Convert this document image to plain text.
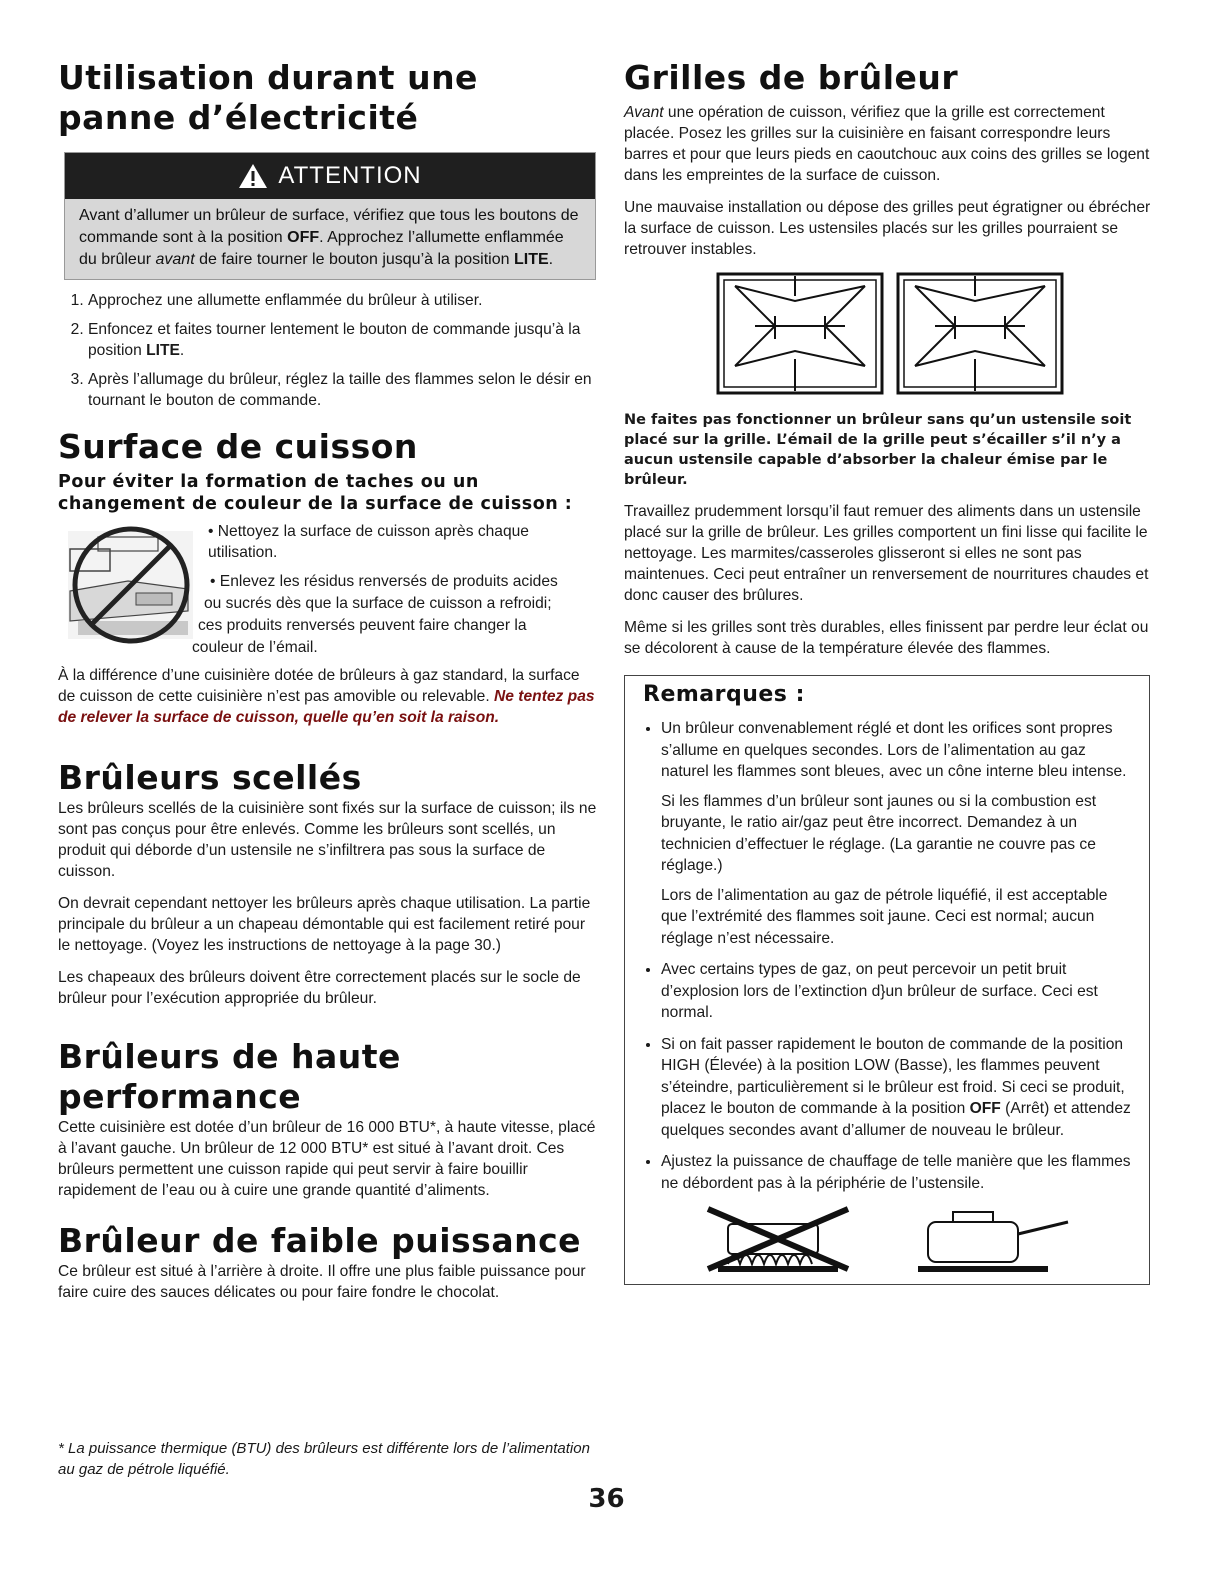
Utilisation durant une
panne d’électricité
ATTENTION
Avant d’allumer un brûleur de surface, vérifiez que tous les boutons de commande sont à la position OFF. Approchez l’allumette enflammée du brûleur avant de faire tourner le bouton jusqu’à la position LITE.
1. Approchez une allumette enflammée du brûleur à utiliser.
2. Enfoncez et faites tourner lentement le bouton de commande jusqu’à la position LITE.
3. Après l’allumage du brûleur, réglez la taille des flammes selon le désir en tournant le bouton de commande.
Surface de cuisson
Pour éviter la formation de taches ou un changement de couleur de la surface de cuisson :
• Nettoyez la surface de cuisson après chaque utilisation.
• Enlevez les résidus renversés de produits acides
ou sucrés dès que la surface de cuisson a refroidi;
ces produits renversés peuvent faire changer la
couleur de l’émail.

À la différence d’une cuisinière dotée de brûleurs à gaz standard, la surface de cuisson de cette cuisinière n’est pas amovible ou relevable. Ne tentez pas de relever la surface de cuisson, quelle qu’en soit la raison.

Brûleurs scellés

Les brûleurs scellés de la cuisinière sont fixés sur la surface de cuisson; ils ne sont pas conçus pour être enlevés. Comme les brûleurs sont scellés, un produit qui déborde d’un ustensile ne s’infiltrera pas sous la surface de cuisson.

On devrait cependant nettoyer les brûleurs après chaque utilisation. La partie principale du brûleur a un chapeau démontable qui est facilement retiré pour le nettoyage. (Voyez les instructions de nettoyage à la page 30.)

Les chapeaux des brûleurs doivent être correctement placés sur le socle de brûleur pour l’exécution appropriée du brûleur.

Brûleurs de haute performance

Cette cuisinière est dotée d’un brûleur de 16 000 BTU*, à haute vitesse, placé à l’avant gauche. Un brûleur de 12 000 BTU* est situé à l’avant droit. Ces brûleurs permettent une cuisson rapide qui peut servir à faire bouillir rapidement de l’eau ou à cuire une grande quantité d’aliments.

Brûleur de faible puissance

Ce brûleur est situé à l’arrière à droite. Il offre une plus faible puissance pour faire cuire des sauces délicates ou pour faire fondre le chocolat.

* La puissance thermique (BTU) des brûleurs est différente lors de l’alimentation au gaz de pétrole liquéfié.
Grilles de brûleur

Avant une opération de cuisson, vérifiez que la grille est correctement placée. Posez les grilles sur la cuisinière en faisant correspondre leurs barres et pour que leurs pieds en caoutchouc aux coins des grilles se logent dans les empreintes de la surface de cuisson.

Une mauvaise installation ou dépose des grilles peut égratigner ou ébrécher la surface de cuisson. Les ustensiles placés sur les grilles pourraient se retrouver instables.

Ne faites pas fonctionner un brûleur sans qu’un ustensile soit placé sur la grille. L’émail de la grille peut s’écailler s’il n’y a aucun ustensile capable d’absorber la chaleur émise par le brûleur.

Travaillez prudemment lorsqu’il faut remuer des aliments dans un ustensile placé sur la grille de brûleur. Les grilles comportent un fini lisse qui facilite le nettoyage. Les marmites/casseroles glisseront si elles ne sont pas maintenues. Ceci peut entraîner un renversement de nourritures chaudes et donc causer des brûlures.

Même si les grilles sont très durables, elles finissent par perdre leur éclat ou se décolorent à cause de la température élevée des flammes.

Remarques :
• Un brûleur convenablement réglé et dont les orifices sont propres s’allume en quelques secondes. Lors de l’alimentation au gaz naturel les flammes sont bleues, avec un cône interne bleu intense.
Si les flammes d’un brûleur sont jaunes ou si la combustion est bruyante, le ratio air/gaz peut être incorrect. Demandez à un technicien d’effectuer le réglage. (La garantie ne couvre pas ce réglage.)
Lors de l’alimentation au gaz de pétrole liquéfié, il est acceptable que l’extrémité des flammes soit jaune. Ceci est normal; aucun réglage n’est nécessaire.
• Avec certains types de gaz, on peut percevoir un petit bruit d’explosion lors de l’extinction d}un brûleur de surface. Ceci est normal.
• Si on fait passer rapidement le bouton de commande de la position HIGH (Élevée) à la position LOW (Basse), les flammes peuvent s’éteindre, particulièrement si le brûleur est froid. Si ceci se produit, placez le bouton de commande à la position OFF (Arrêt) et attendez quelques secondes avant d’allumer de nouveau le brûleur.
• Ajustez la puissance de chauffage de telle manière que les flammes ne débordent pas à la périphérie de l’ustensile.
36
